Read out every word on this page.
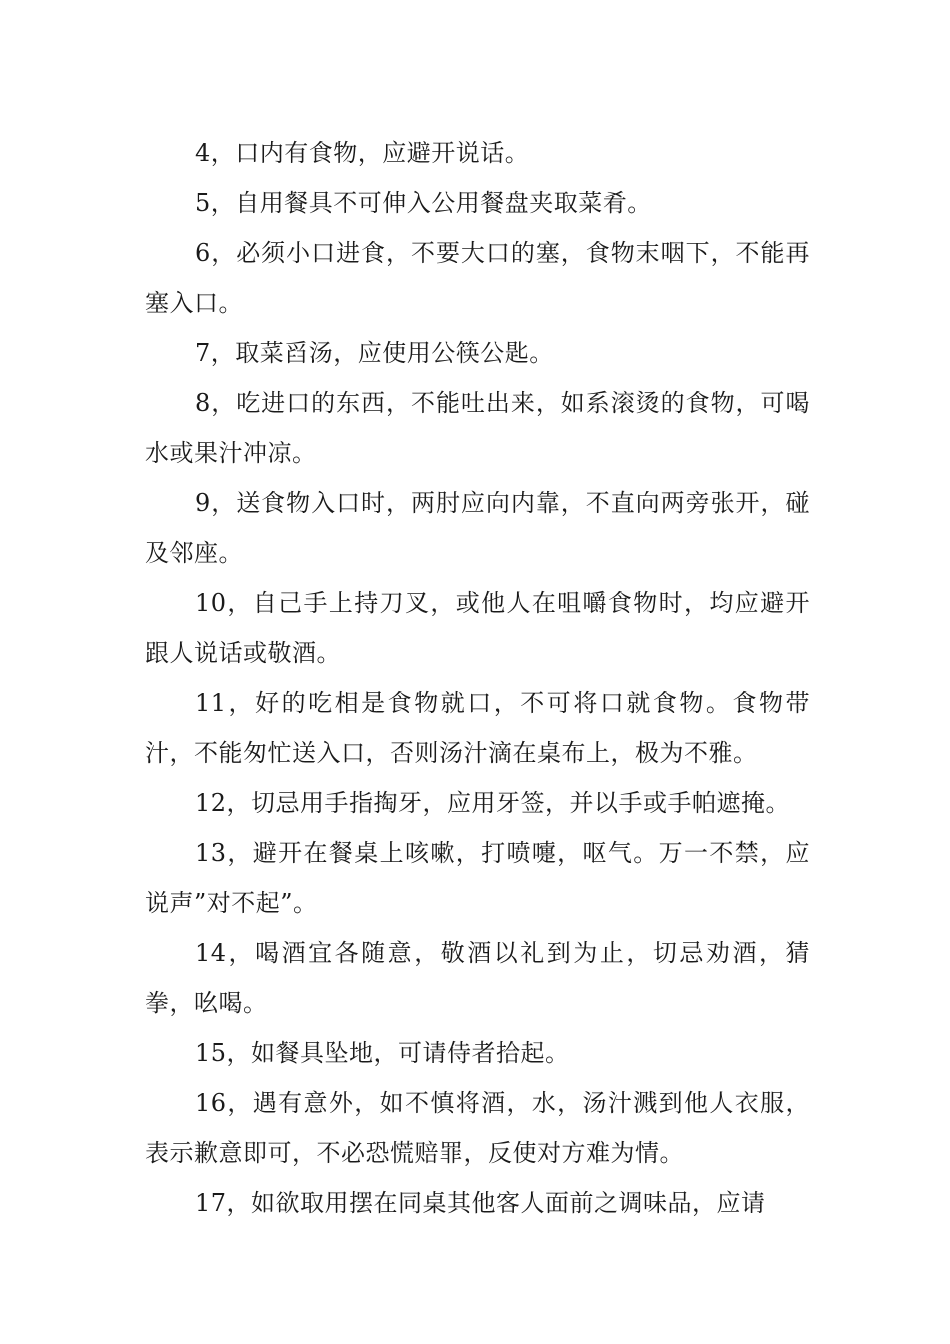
4，口内有食物，应避开说话。

5，自用餐具不可伸入公用餐盘夹取菜肴。

6，必须小口进食，不要大口的塞，食物末咽下，不能再塞入口。

7，取菜舀汤，应使用公筷公匙。

8，吃进口的东西，不能吐出来，如系滚烫的食物，可喝水或果汁冲凉。

9，送食物入口时，两肘应向内靠，不直向两旁张开，碰及邻座。

10，自己手上持刀叉，或他人在咀嚼食物时，均应避开跟人说话或敬酒。

11，好的吃相是食物就口，不可将口就食物。食物带汁，不能匆忙送入口，否则汤汁滴在桌布上，极为不雅。

12，切忌用手指掏牙，应用牙签，并以手或手帕遮掩。

13，避开在餐桌上咳嗽，打喷嚏，呕气。万一不禁，应说声”对不起”。

14，喝酒宜各随意，敬酒以礼到为止，切忌劝酒，猜拳，吆喝。

15，如餐具坠地，可请侍者拾起。

16，遇有意外，如不慎将酒，水，汤汁溅到他人衣服，表示歉意即可，不必恐慌赔罪，反使对方难为情。

17，如欲取用摆在同桌其他客人面前之调味品，应请
